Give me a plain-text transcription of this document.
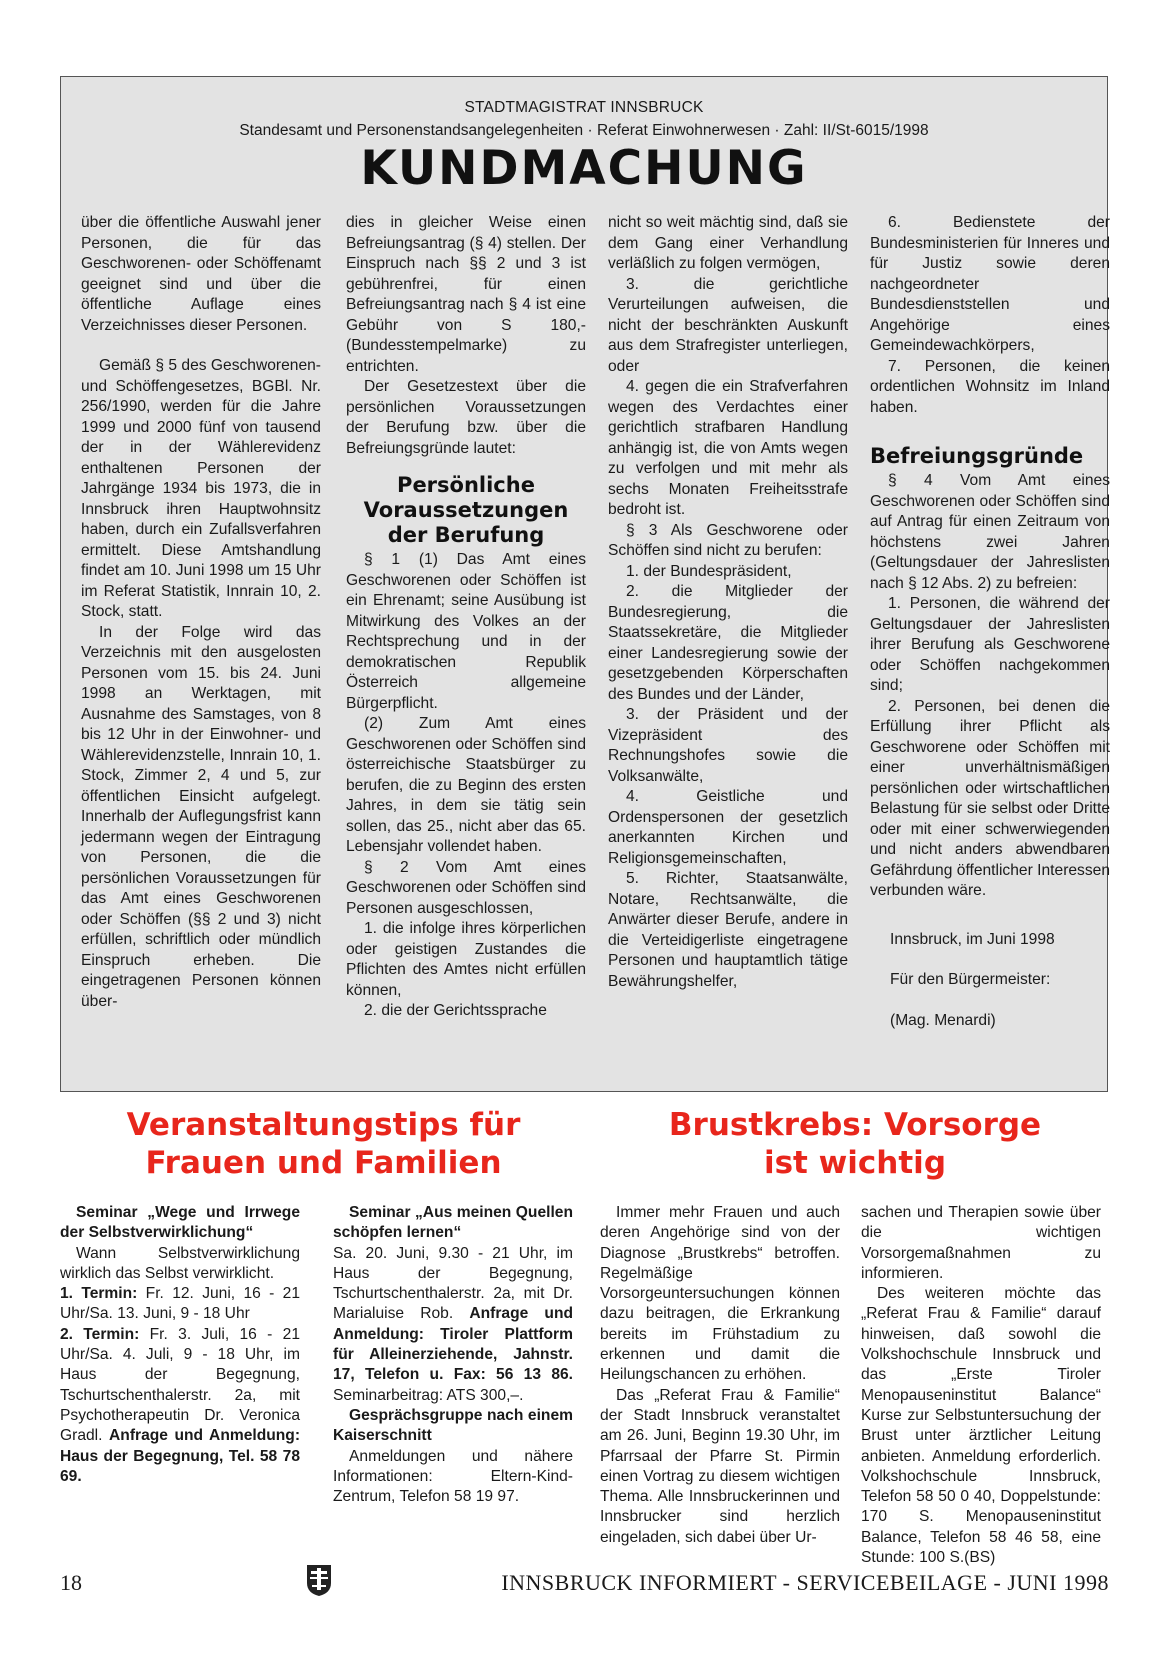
STADTMAGISTRAT INNSBRUCK
Standesamt und Personenstandsangelegenheiten · Referat Einwohnerwesen · Zahl: II/St-6015/1998
KUNDMACHUNG

über die öffentliche Auswahl jener Personen, die für das Geschworenen- oder Schöffenamt geeignet sind und über die öffentliche Auflage eines Verzeichnisses dieser Personen.

Gemäß § 5 des Geschworenen- und Schöffengesetzes, BGBl. Nr. 256/1990, werden für die Jahre 1999 und 2000 fünf von tausend der in der Wählerevidenz enthaltenen Personen der Jahrgänge 1934 bis 1973, die in Innsbruck ihren Hauptwohnsitz haben, durch ein Zufallsverfahren ermittelt. Diese Amtshandlung findet am 10. Juni 1998 um 15 Uhr im Referat Statistik, Innrain 10, 2. Stock, statt.

In der Folge wird das Verzeichnis mit den ausgelosten Personen vom 15. bis 24. Juni 1998 an Werktagen, mit Ausnahme des Samstages, von 8 bis 12 Uhr in der Einwohner- und Wählerevidenzstelle, Innrain 10, 1. Stock, Zimmer 2, 4 und 5, zur öffentlichen Einsicht aufgelegt. Innerhalb der Auflegungsfrist kann jedermann wegen der Eintragung von Personen, die die persönlichen Voraussetzungen für das Amt eines Geschworenen oder Schöffen (§§ 2 und 3) nicht erfüllen, schriftlich oder mündlich Einspruch erheben. Die eingetragenen Personen können über-

dies in gleicher Weise einen Befreiungsantrag (§ 4) stellen. Der Einspruch nach §§ 2 und 3 ist gebührenfrei, für einen Befreiungsantrag nach § 4 ist eine Gebühr von S 180,- (Bundesstempelmarke) zu entrichten.

Der Gesetzestext über die persönlichen Voraussetzungen der Berufung bzw. über die Befreiungsgründe lautet:

Persönliche Voraussetzungen der Berufung

§ 1 (1) Das Amt eines Geschworenen oder Schöffen ist ein Ehrenamt; seine Ausübung ist Mitwirkung des Volkes an der Rechtsprechung und in der demokratischen Republik Österreich allgemeine Bürgerpflicht.

(2) Zum Amt eines Geschworenen oder Schöffen sind österreichische Staatsbürger zu berufen, die zu Beginn des ersten Jahres, in dem sie tätig sein sollen, das 25., nicht aber das 65. Lebensjahr vollendet haben.

§ 2 Vom Amt eines Geschworenen oder Schöffen sind Personen ausgeschlossen,

1. die infolge ihres körperlichen oder geistigen Zustandes die Pflichten des Amtes nicht erfüllen können,

2. die der Gerichtssprache

nicht so weit mächtig sind, daß sie dem Gang einer Verhandlung verläßlich zu folgen vermögen,

3. die gerichtliche Verurteilungen aufweisen, die nicht der beschränkten Auskunft aus dem Strafregister unterliegen, oder

4. gegen die ein Strafverfahren wegen des Verdachtes einer gerichtlich strafbaren Handlung anhängig ist, die von Amts wegen zu verfolgen und mit mehr als sechs Monaten Freiheitsstrafe bedroht ist.

§ 3 Als Geschworene oder Schöffen sind nicht zu berufen:

1. der Bundespräsident,

2. die Mitglieder der Bundesregierung, die Staatssekretäre, die Mitglieder einer Landesregierung sowie der gesetzgebenden Körperschaften des Bundes und der Länder,

3. der Präsident und der Vizepräsident des Rechnungshofes sowie die Volksanwälte,

4. Geistliche und Ordenspersonen der gesetzlich anerkannten Kirchen und Religionsgemeinschaften,

5. Richter, Staatsanwälte, Notare, Rechtsanwälte, die Anwärter dieser Berufe, andere in die Verteidigerliste eingetragene Personen und hauptamtlich tätige Bewährungshelfer,

6. Bedienstete der Bundesministerien für Inneres und für Justiz sowie deren nachgeordneter Bundesdienststellen und Angehörige eines Gemeindewachkörpers,

7. Personen, die keinen ordentlichen Wohnsitz im Inland haben.

Befreiungsgründe

§ 4 Vom Amt eines Geschworenen oder Schöffen sind auf Antrag für einen Zeitraum von höchstens zwei Jahren (Geltungsdauer der Jahreslisten nach § 12 Abs. 2) zu befreien:

1. Personen, die während der Geltungsdauer der Jahreslisten ihrer Berufung als Geschworene oder Schöffen nachgekommen sind;

2. Personen, bei denen die Erfüllung ihrer Pflicht als Geschworene oder Schöffen mit einer unverhältnismäßigen persönlichen oder wirtschaftlichen Belastung für sie selbst oder Dritte oder mit einer schwerwiegenden und nicht anders abwendbaren Gefährdung öffentlicher Interessen verbunden wäre.

Innsbruck, im Juni 1998

Für den Bürgermeister:

(Mag. Menardi)

Veranstaltungstips für Frauen und Familien
Brustkrebs: Vorsorge ist wichtig

Seminar „Wege und Irrwege der Selbstverwirklichung“

Wann Selbstverwirklichung wirklich das Selbst verwirklicht.

1. Termin: Fr. 12. Juni, 16 - 21 Uhr/Sa. 13. Juni, 9 - 18 Uhr

2. Termin: Fr. 3. Juli, 16 - 21 Uhr/Sa. 4. Juli, 9 - 18 Uhr, im Haus der Begegnung, Tschurtschenthalerstr. 2a, mit Psychotherapeutin Dr. Veronica Gradl. Anfrage und Anmeldung: Haus der Begegnung, Tel. 58 78 69.

Seminar „Aus meinen Quellen schöpfen lernen“

Sa. 20. Juni, 9.30 - 21 Uhr, im Haus der Begegnung, Tschurtschenthalerstr. 2a, mit Dr. Marialuise Rob. Anfrage und Anmeldung: Tiroler Plattform für Alleinerziehende, Jahnstr. 17, Telefon u. Fax: 56 13 86. Seminarbeitrag: ATS 300,–.

Gesprächsgruppe nach einem Kaiserschnitt

Anmeldungen und nähere Informationen: Eltern-Kind-Zentrum, Telefon 58 19 97.

Immer mehr Frauen und auch deren Angehörige sind von der Diagnose „Brustkrebs“ betroffen. Regelmäßige Vorsorgeuntersuchungen können dazu beitragen, die Erkrankung bereits im Frühstadium zu erkennen und damit die Heilungschancen zu erhöhen.

Das „Referat Frau & Familie“ der Stadt Innsbruck veranstaltet am 26. Juni, Beginn 19.30 Uhr, im Pfarrsaal der Pfarre St. Pirmin einen Vortrag zu diesem wichtigen Thema. Alle Innsbruckerinnen und Innsbrucker sind herzlich eingeladen, sich dabei über Ur-

sachen und Therapien sowie über die wichtigen Vorsorgemaßnahmen zu informieren.

Des weiteren möchte das „Referat Frau & Familie“ darauf hinweisen, daß sowohl die Volkshochschule Innsbruck und das „Erste Tiroler Menopauseninstitut Balance“ Kurse zur Selbstuntersuchung der Brust unter ärztlicher Leitung anbieten. Anmeldung erforderlich. Volkshochschule Innsbruck, Telefon 58 50 0 40, Doppelstunde: 170 S. Menopauseninstitut Balance, Telefon 58 46 58, eine Stunde: 100 S.(BS)

18	INNSBRUCK INFORMIERT - SERVICEBEILAGE - JUNI 1998
